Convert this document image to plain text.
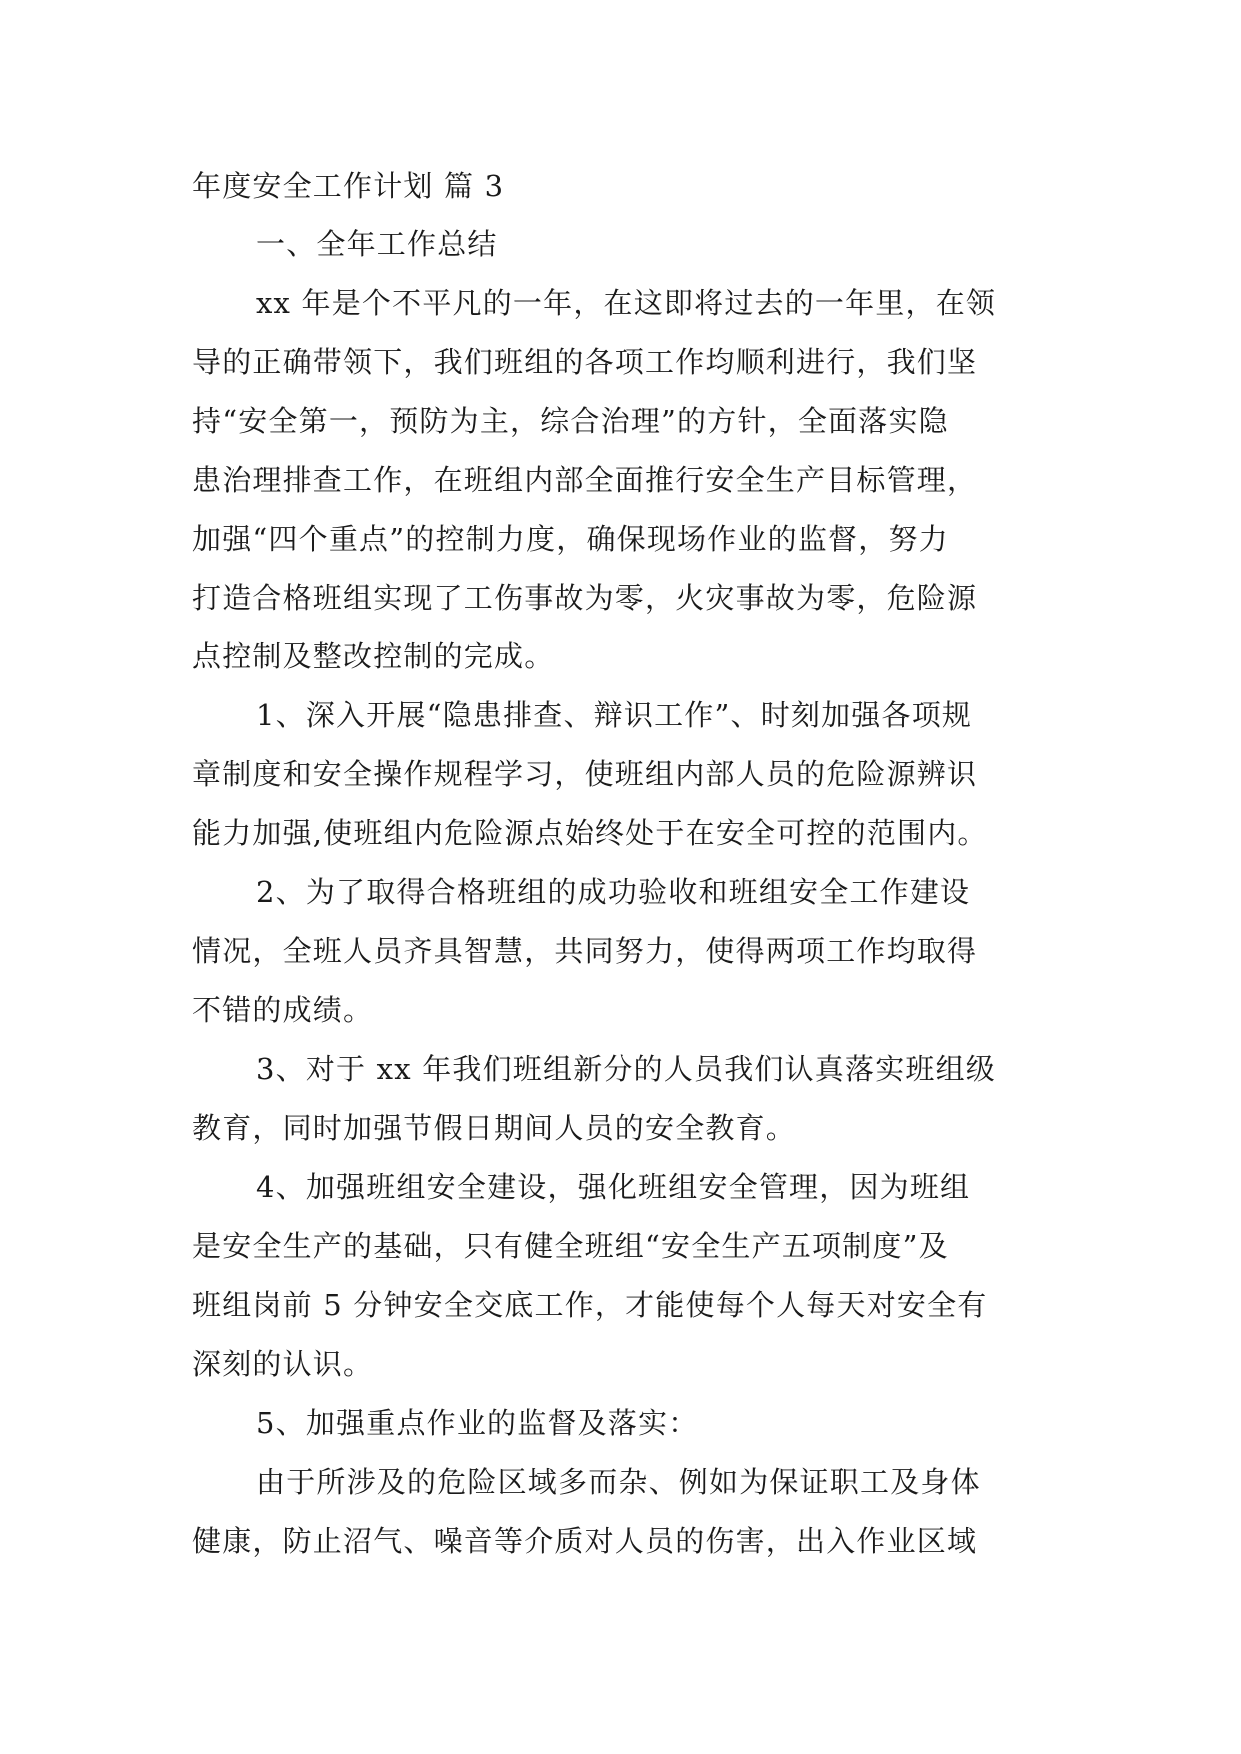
年度安全工作计划 篇 3
一、全年工作总结
xx 年是个不平凡的一年，在这即将过去的一年里，在领
导的正确带领下，我们班组的各项工作均顺利进行，我们坚
持“安全第一，预防为主，综合治理”的方针，全面落实隐
患治理排查工作，在班组内部全面推行安全生产目标管理，
加强“四个重点”的控制力度，确保现场作业的监督，努力
打造合格班组实现了工伤事故为零，火灾事故为零，危险源
点控制及整改控制的完成。
1、深入开展“隐患排查、辩识工作”、时刻加强各项规
章制度和安全操作规程学习，使班组内部人员的危险源辨识
能力加强,使班组内危险源点始终处于在安全可控的范围内。
2、为了取得合格班组的成功验收和班组安全工作建设
情况，全班人员齐具智慧，共同努力，使得两项工作均取得
不错的成绩。
3、对于 xx 年我们班组新分的人员我们认真落实班组级
教育，同时加强节假日期间人员的安全教育。
4、加强班组安全建设，强化班组安全管理，因为班组
是安全生产的基础，只有健全班组“安全生产五项制度”及
班组岗前 5 分钟安全交底工作，才能使每个人每天对安全有
深刻的认识。
5、加强重点作业的监督及落实：
由于所涉及的危险区域多而杂、例如为保证职工及身体
健康，防止沼气、噪音等介质对人员的伤害，出入作业区域
